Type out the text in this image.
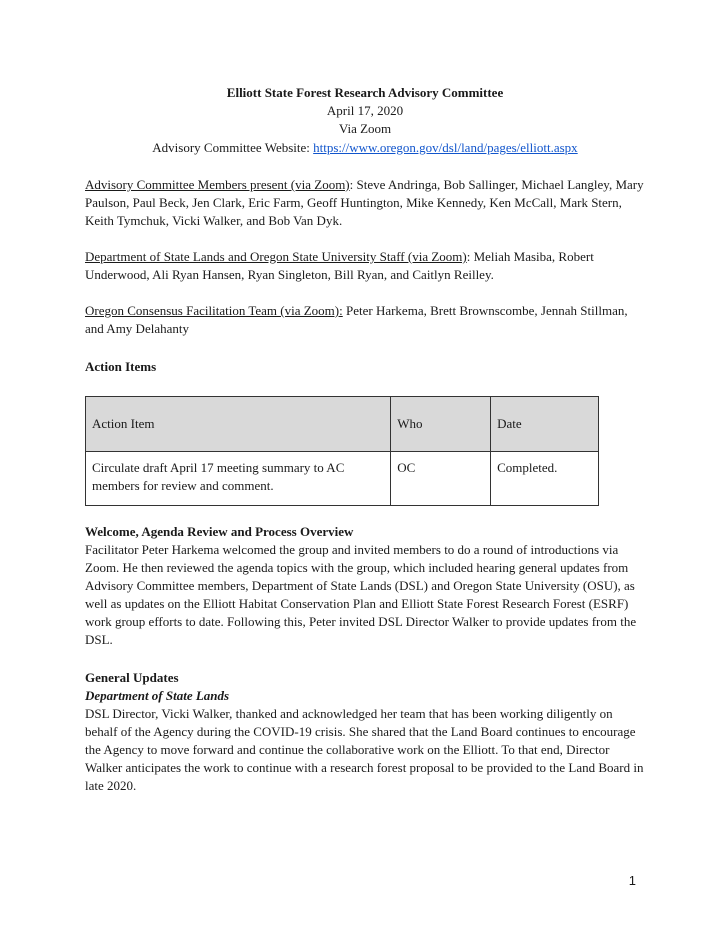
Elliott State Forest Research Advisory Committee
April 17, 2020
Via Zoom
Advisory Committee Website: https://www.oregon.gov/dsl/land/pages/elliott.aspx
Advisory Committee Members present (via Zoom): Steve Andringa, Bob Sallinger, Michael Langley, Mary Paulson, Paul Beck, Jen Clark, Eric Farm, Geoff Huntington, Mike Kennedy, Ken McCall, Mark Stern, Keith Tymchuk, Vicki Walker, and Bob Van Dyk.
Department of State Lands and Oregon State University Staff (via Zoom): Meliah Masiba, Robert Underwood, Ali Ryan Hansen, Ryan Singleton, Bill Ryan, and Caitlyn Reilley.
Oregon Consensus Facilitation Team (via Zoom): Peter Harkema, Brett Brownscombe, Jennah Stillman, and Amy Delahanty
Action Items
Action Item	Who	Date
Circulate draft April 17 meeting summary to AC members for review and comment.	OC	Completed.
Welcome, Agenda Review and Process Overview
Facilitator Peter Harkema welcomed the group and invited members to do a round of introductions via Zoom. He then reviewed the agenda topics with the group, which included hearing general updates from Advisory Committee members, Department of State Lands (DSL) and Oregon State University (OSU), as well as updates on the Elliott Habitat Conservation Plan and Elliott State Forest Research Forest (ESRF) work group efforts to date. Following this, Peter invited DSL Director Walker to provide updates from the DSL.
General Updates
Department of State Lands
DSL Director, Vicki Walker, thanked and acknowledged her team that has been working diligently on behalf of the Agency during the COVID-19 crisis. She shared that the Land Board continues to encourage the Agency to move forward and continue the collaborative work on the Elliott. To that end, Director Walker anticipates the work to continue with a research forest proposal to be provided to the Land Board in late 2020.
1
